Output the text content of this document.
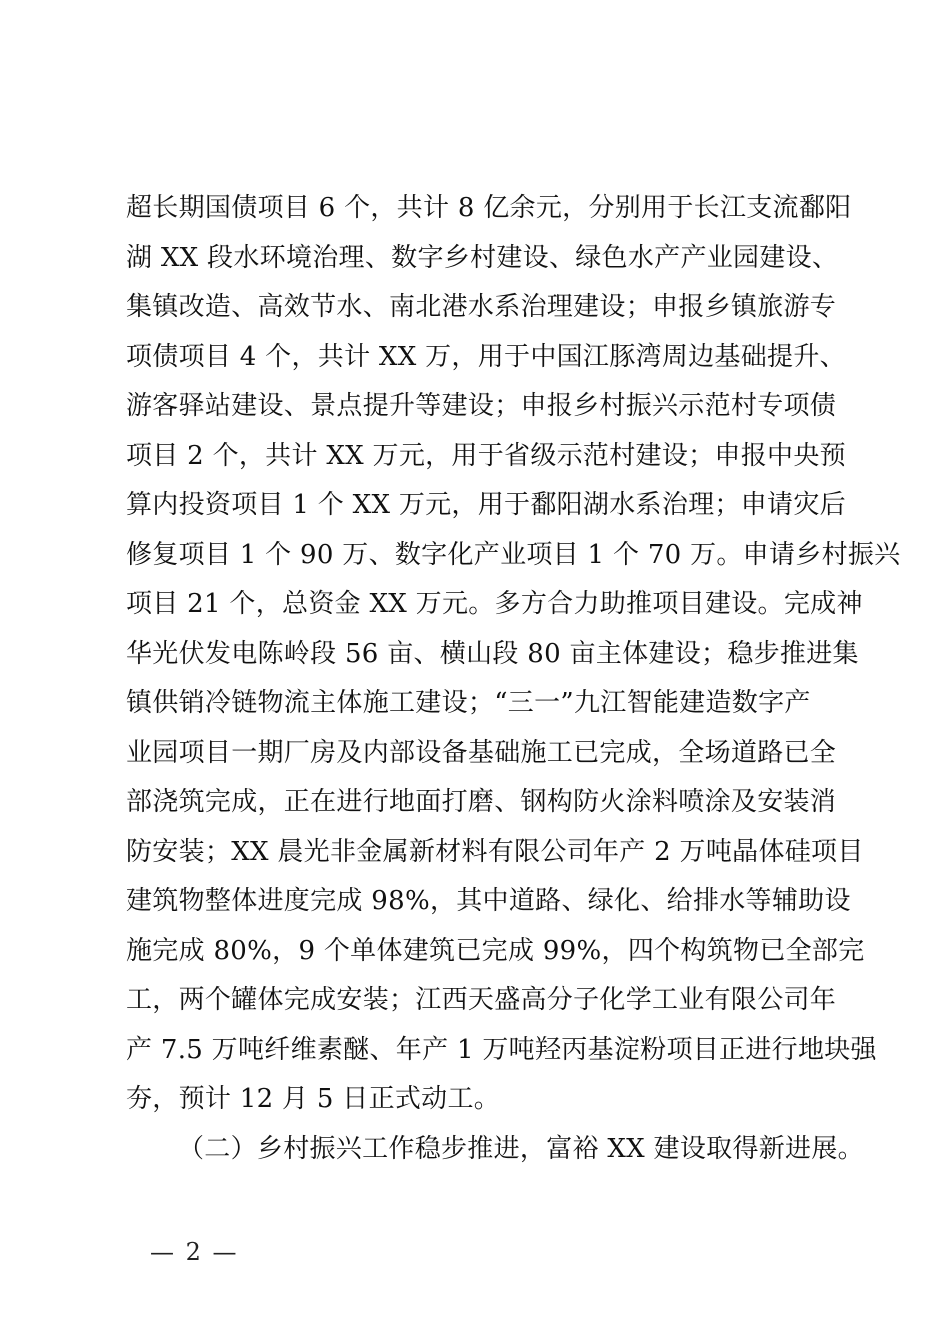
超长期国债项目 6 个，共计 8 亿余元，分别用于长江支流鄱阳
湖 XX 段水环境治理、数字乡村建设、绿色水产产业园建设、
集镇改造、高效节水、南北港水系治理建设；申报乡镇旅游专
项债项目 4 个，共计 XX 万，用于中国江豚湾周边基础提升、
游客驿站建设、景点提升等建设；申报乡村振兴示范村专项债
项目 2 个，共计 XX 万元，用于省级示范村建设；申报中央预
算内投资项目 1 个 XX 万元，用于鄱阳湖水系治理；申请灾后
修复项目 1 个 90 万、数字化产业项目 1 个 70 万。申请乡村振兴
项目 21 个，总资金 XX 万元。多方合力助推项目建设。完成神
华光伏发电陈岭段 56 亩、横山段 80 亩主体建设；稳步推进集
镇供销冷链物流主体施工建设；“三一”九江智能建造数字产
业园项目一期厂房及内部设备基础施工已完成，全场道路已全
部浇筑完成，正在进行地面打磨、钢构防火涂料喷涂及安装消
防安装；XX 晨光非金属新材料有限公司年产 2 万吨晶体硅项目
建筑物整体进度完成 98%，其中道路、绿化、给排水等辅助设
施完成 80%，9 个单体建筑已完成 99%，四个构筑物已全部完
工，两个罐体完成安装；江西天盛高分子化学工业有限公司年
产 7.5 万吨纤维素醚、年产 1 万吨羟丙基淀粉项目正进行地块强
夯，预计 12 月 5 日正式动工。
（二）乡村振兴工作稳步推进，富裕 XX 建设取得新进展。
— 2 —
